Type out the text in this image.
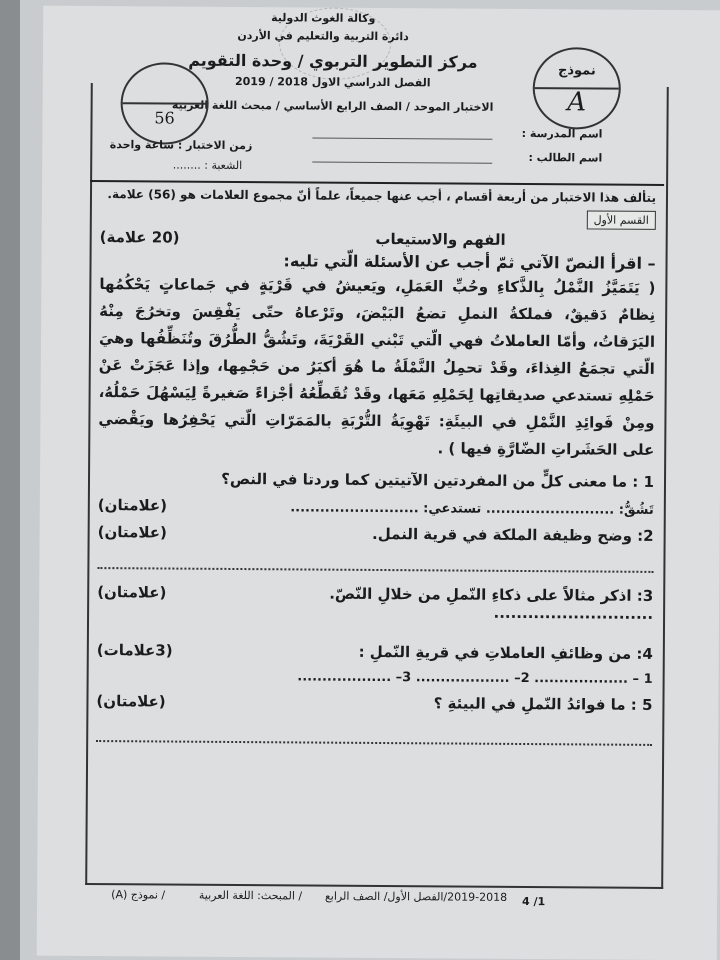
وكالة الغوث الدولية
دائرة التربية والتعليم في الأردن
مركز التطوير التربوي / وحدة التقويم
الفصل الدراسي الاول 2018 / 2019
الاختبار الموحد / الصف الرابع الأساسي / مبحث اللغة العربية
56
نموذج
A
اسم المدرسة :
اسم الطالب :
زمن الاختبار : ساعة واحدة
الشعبة : ........
يتألف هذا الاختبار من أربعة أقسام ، أجب عنها جميعاً، علماً أنّ مجموع العلامات هو (56) علامة.
القسم الأول
الفهم والاستيعاب
(20 علامة)
– اقرأ النصّ الآتي ثمّ أجب عن الأسئلة الّتي تليه:
( يَتَمَيَّزُ النَّمْلُ بِالذَّكاءِ وحُبِّ العَمَلِ، ويَعيشُ في قَرْيَةٍ في جَماعاتٍ يَحْكُمُها نِظامٌ دَقيقٌ، فملكةُ النملِ تضعُ البَيْضَ، وتَرْعاهُ حتّى يَفْقِسَ وتخرُجَ مِنْهُ اليَرَقاتُ، وأمّا العاملاتُ فهي الّتي تَبْني القَرْيَةَ، وتَشُقُّ الطُّرُقَ وتُنَظِّفُها وهيَ الّتي تجمَعُ الغِذاءَ، وقَدْ تحمِلُ النَّمْلَةُ ما هُوَ أكبَرُ من حَجْمِها، وإذا عَجَزَتْ عَنْ حَمْلِهِ تستدعي صديقاتِها لِحَمْلِهِ مَعَها، وقَدْ تُقَطِّعُهُ أجْزاءً صَغيرةً لِيَسْهُلَ حَمْلُهُ، ومِنْ فَوائِدِ النَّمْلِ في البيئَةِ: تَهْوِيَةُ التُّرْبَةِ بالمَمَرّاتِ الّتي يَحْفِرُها ويَقْضي على الحَشَراتِ الضّارَّةِ فيها ) .
1 : ما معنى كلٍّ من المفردتين الآتيتين كما وردتا في النص؟
تَشُقُّ: .......................... تستدعي: ..........................
(علامتان)
2: وضح وظيفة الملكة في قرية النمل.
(علامتان)
3: اذكر مثالاً على ذكاءِ النّملِ من خلالِ النّصّ. ............................
(علامتان)
4: من وظائفِ العاملاتِ في قريةِ النّملِ :
(3علامات)
1 – ................... 2– ................... 3– ...................
5 : ما فوائدُ النّملِ في البيئةِ ؟
(علامتان)
/ نموذج (A)	/ المبحث: اللغة العربية	2019-2018/الفصل الأول/ الصف الرابع 4 /1
